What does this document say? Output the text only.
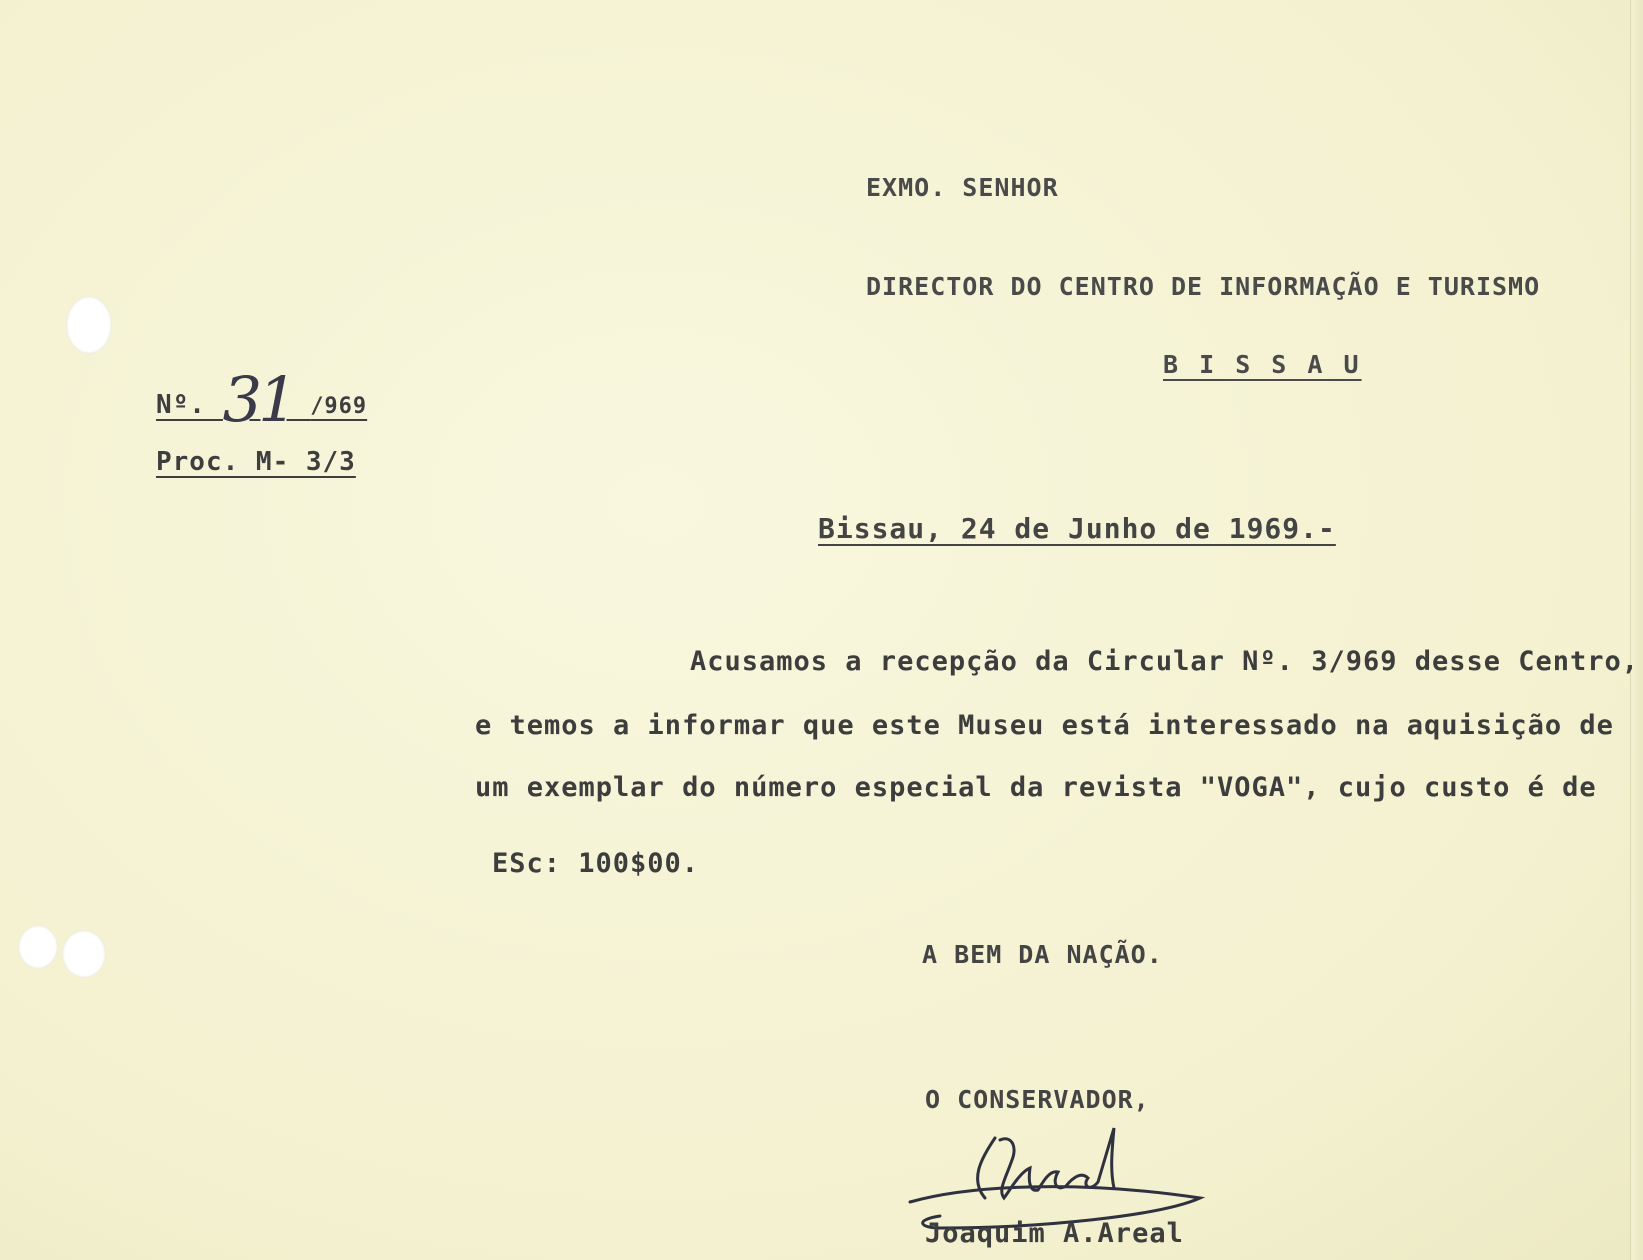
EXMO. SENHOR
DIRECTOR DO CENTRO DE INFORMAÇÃO E TURISMO
B I S S A U
Nº. 31 /969
Proc. M- 3/3
Bissau, 24 de Junho de 1969.-
Acusamos a recepção da Circular Nº. 3/969 desse Centro,
e temos a informar que este Museu está interessado na aquisição de
um exemplar do número especial da revista "VOGA", cujo custo é de
ESc: 100$00.
A BEM DA NAÇÃO.
O CONSERVADOR,
Joaquim A.Areal
